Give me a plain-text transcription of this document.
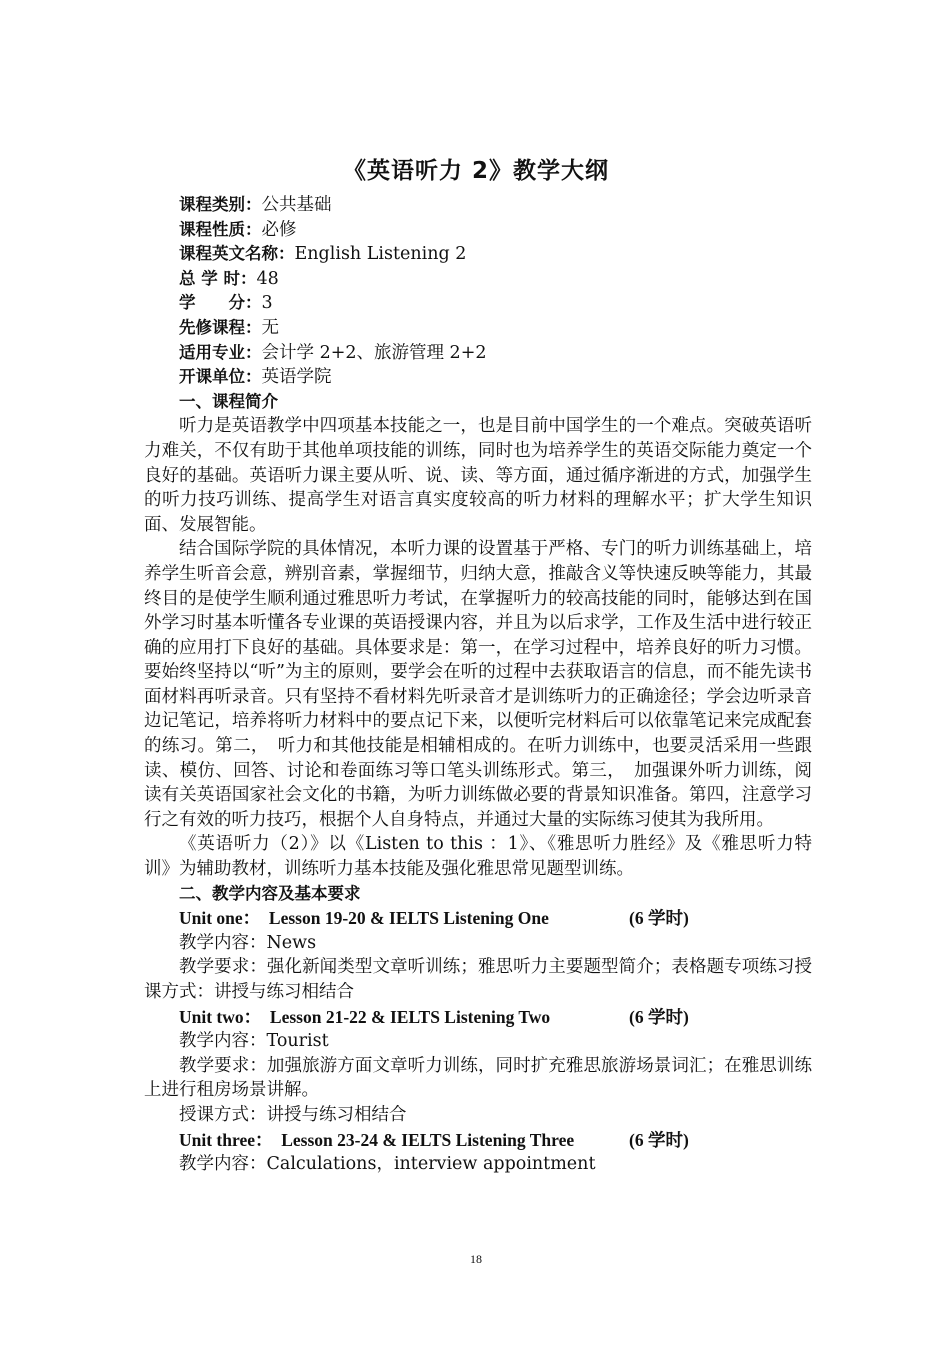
《英语听力 2》教学大纲
课程类别：公共基础
课程性质：必修
课程英文名称：English Listening 2
总 学 时：48
学　　分：3
先修课程：无
适用专业：会计学 2+2、旅游管理 2+2
开课单位：英语学院
一、课程简介
听力是英语教学中四项基本技能之一，也是目前中国学生的一个难点。突破英语听力难关，不仅有助于其他单项技能的训练，同时也为培养学生的英语交际能力奠定一个良好的基础。英语听力课主要从听、说、读、等方面，通过循序渐进的方式，加强学生的听力技巧训练、提高学生对语言真实度较高的听力材料的理解水平；扩大学生知识面、发展智能。
结合国际学院的具体情况，本听力课的设置基于严格、专门的听力训练基础上，培养学生听音会意，辨别音素，掌握细节，归纳大意，推敲含义等快速反映等能力，其最终目的是使学生顺利通过雅思听力考试，在掌握听力的较高技能的同时，能够达到在国外学习时基本听懂各专业课的英语授课内容，并且为以后求学，工作及生活中进行较正确的应用打下良好的基础。具体要求是：第一，在学习过程中，培养良好的听力习惯。要始终坚持以“听”为主的原则，要学会在听的过程中去获取语言的信息，而不能先读书面材料再听录音。只有坚持不看材料先听录音才是训练听力的正确途径；学会边听录音边记笔记，培养将听力材料中的要点记下来，以便听完材料后可以依靠笔记来完成配套的练习。第二，　听力和其他技能是相辅相成的。在听力训练中，也要灵活采用一些跟读、模仿、回答、讨论和卷面练习等口笔头训练形式。第三，　加强课外听力训练，阅读有关英语国家社会文化的书籍，为听力训练做必要的背景知识准备。第四，注意学习行之有效的听力技巧，根据个人自身特点，并通过大量的实际练习使其为我所用。
《英语听力（2）》以《Listen to this ：1》、《雅思听力胜经》及《雅思听力特训》为辅助教材，训练听力基本技能及强化雅思常见题型训练。
二、教学内容及基本要求
Unit one：　Lesson 19-20 & IELTS Listening One	(6 学时)
教学内容：News
教学要求：强化新闻类型文章听训练；雅思听力主要题型简介；表格题专项练习授课方式：讲授与练习相结合
Unit two：　Lesson 21-22 & IELTS Listening Two	(6 学时)
教学内容：Tourist
教学要求：加强旅游方面文章听力训练，同时扩充雅思旅游场景词汇；在雅思训练上进行租房场景讲解。
授课方式：讲授与练习相结合
Unit three：　Lesson 23-24 & IELTS Listening Three	(6 学时)
教学内容：Calculations，interview appointment
18
